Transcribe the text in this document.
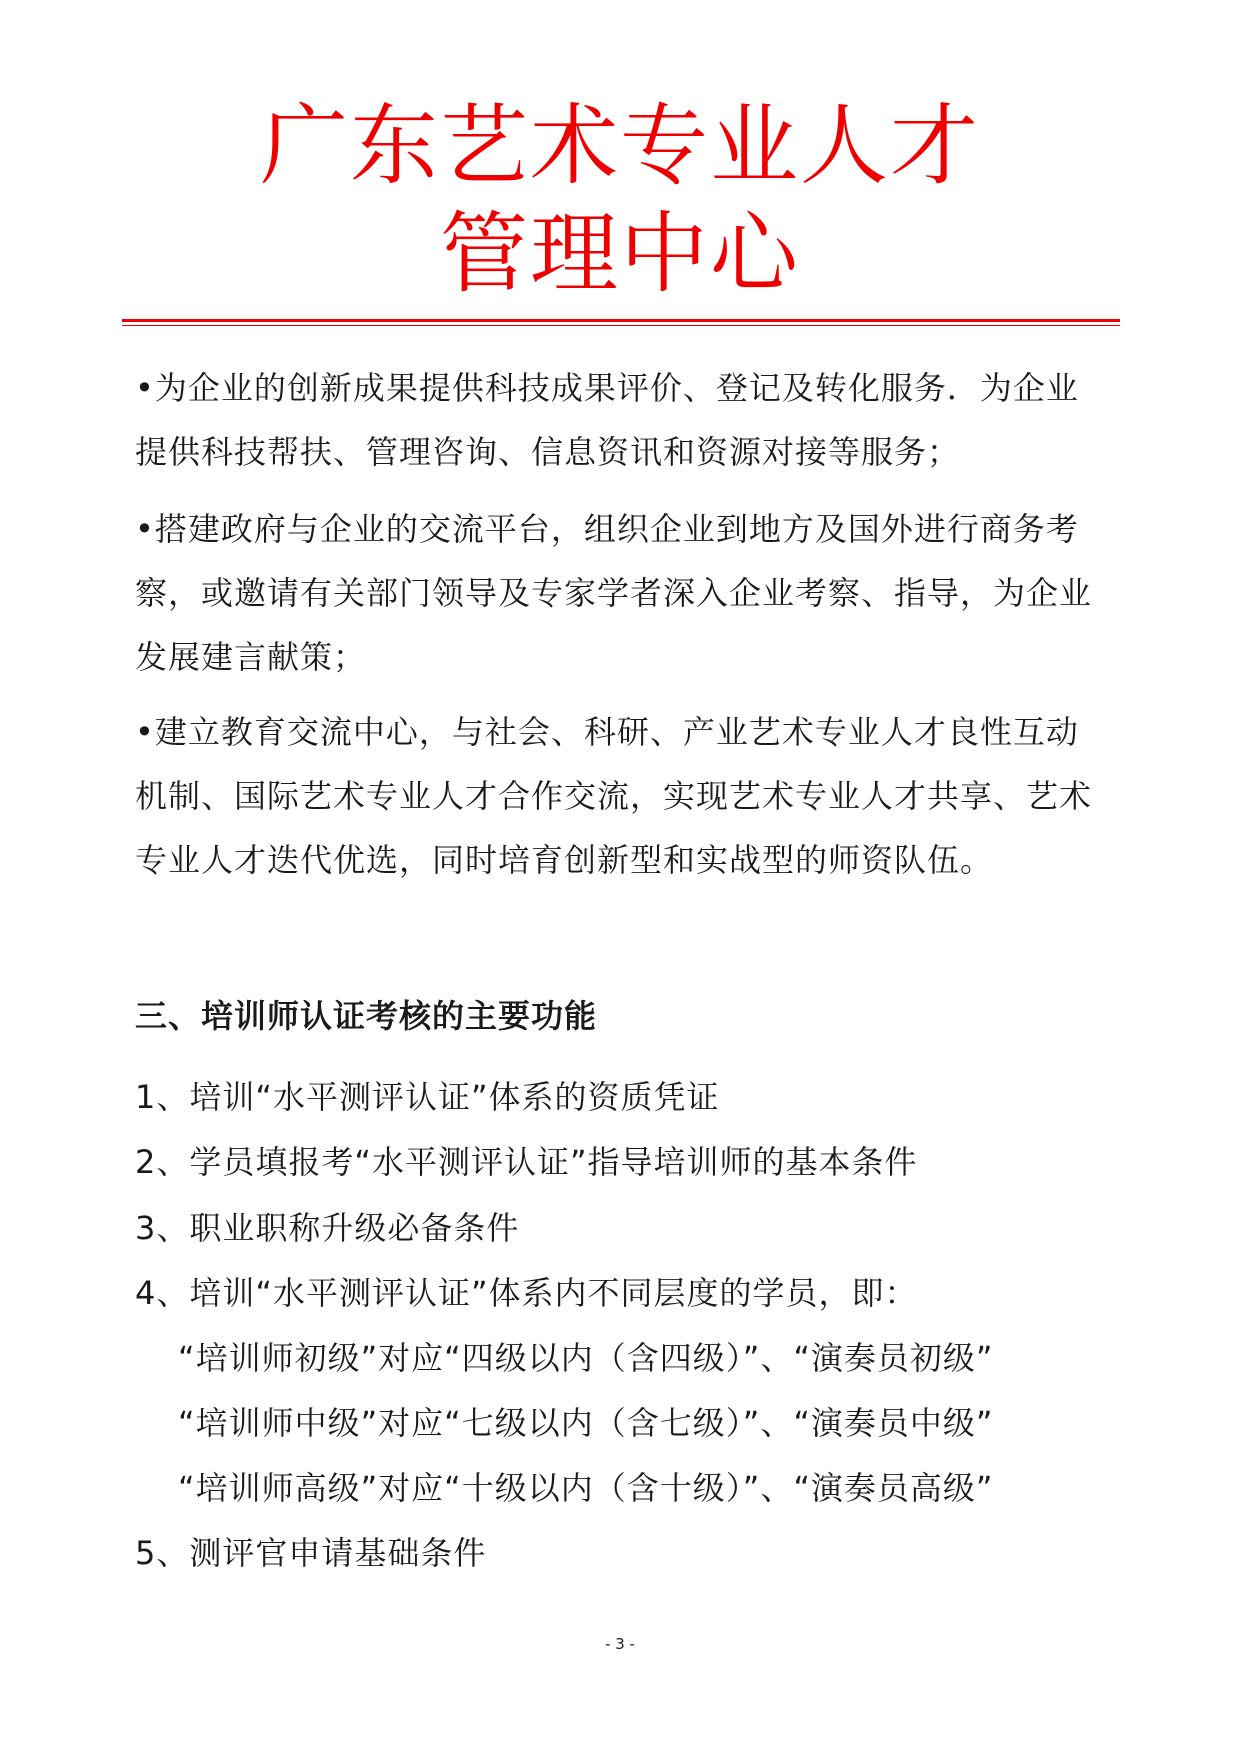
广东艺术专业人才
管理中心

•为企业的创新成果提供科技成果评价、登记及转化服务．为企业提供科技帮扶、管理咨询、信息资讯和资源对接等服务；

•搭建政府与企业的交流平台，组织企业到地方及国外进行商务考察，或邀请有关部门领导及专家学者深入企业考察、指导，为企业发展建言献策；

•建立教育交流中心，与社会、科研、产业艺术专业人才良性互动机制、国际艺术专业人才合作交流，实现艺术专业人才共享、艺术专业人才迭代优选，同时培育创新型和实战型的师资队伍。

三、培训师认证考核的主要功能
1、培训“水平测评认证”体系的资质凭证
2、学员填报考“水平测评认证”指导培训师的基本条件
3、职业职称升级必备条件
4、培训“水平测评认证”体系内不同层度的学员，即：
“培训师初级”对应“四级以内（含四级）”、“演奏员初级”
“培训师中级”对应“七级以内（含七级）”、“演奏员中级”
“培训师高级”对应“十级以内（含十级）”、“演奏员高级”
5、测评官申请基础条件
- 3 -
